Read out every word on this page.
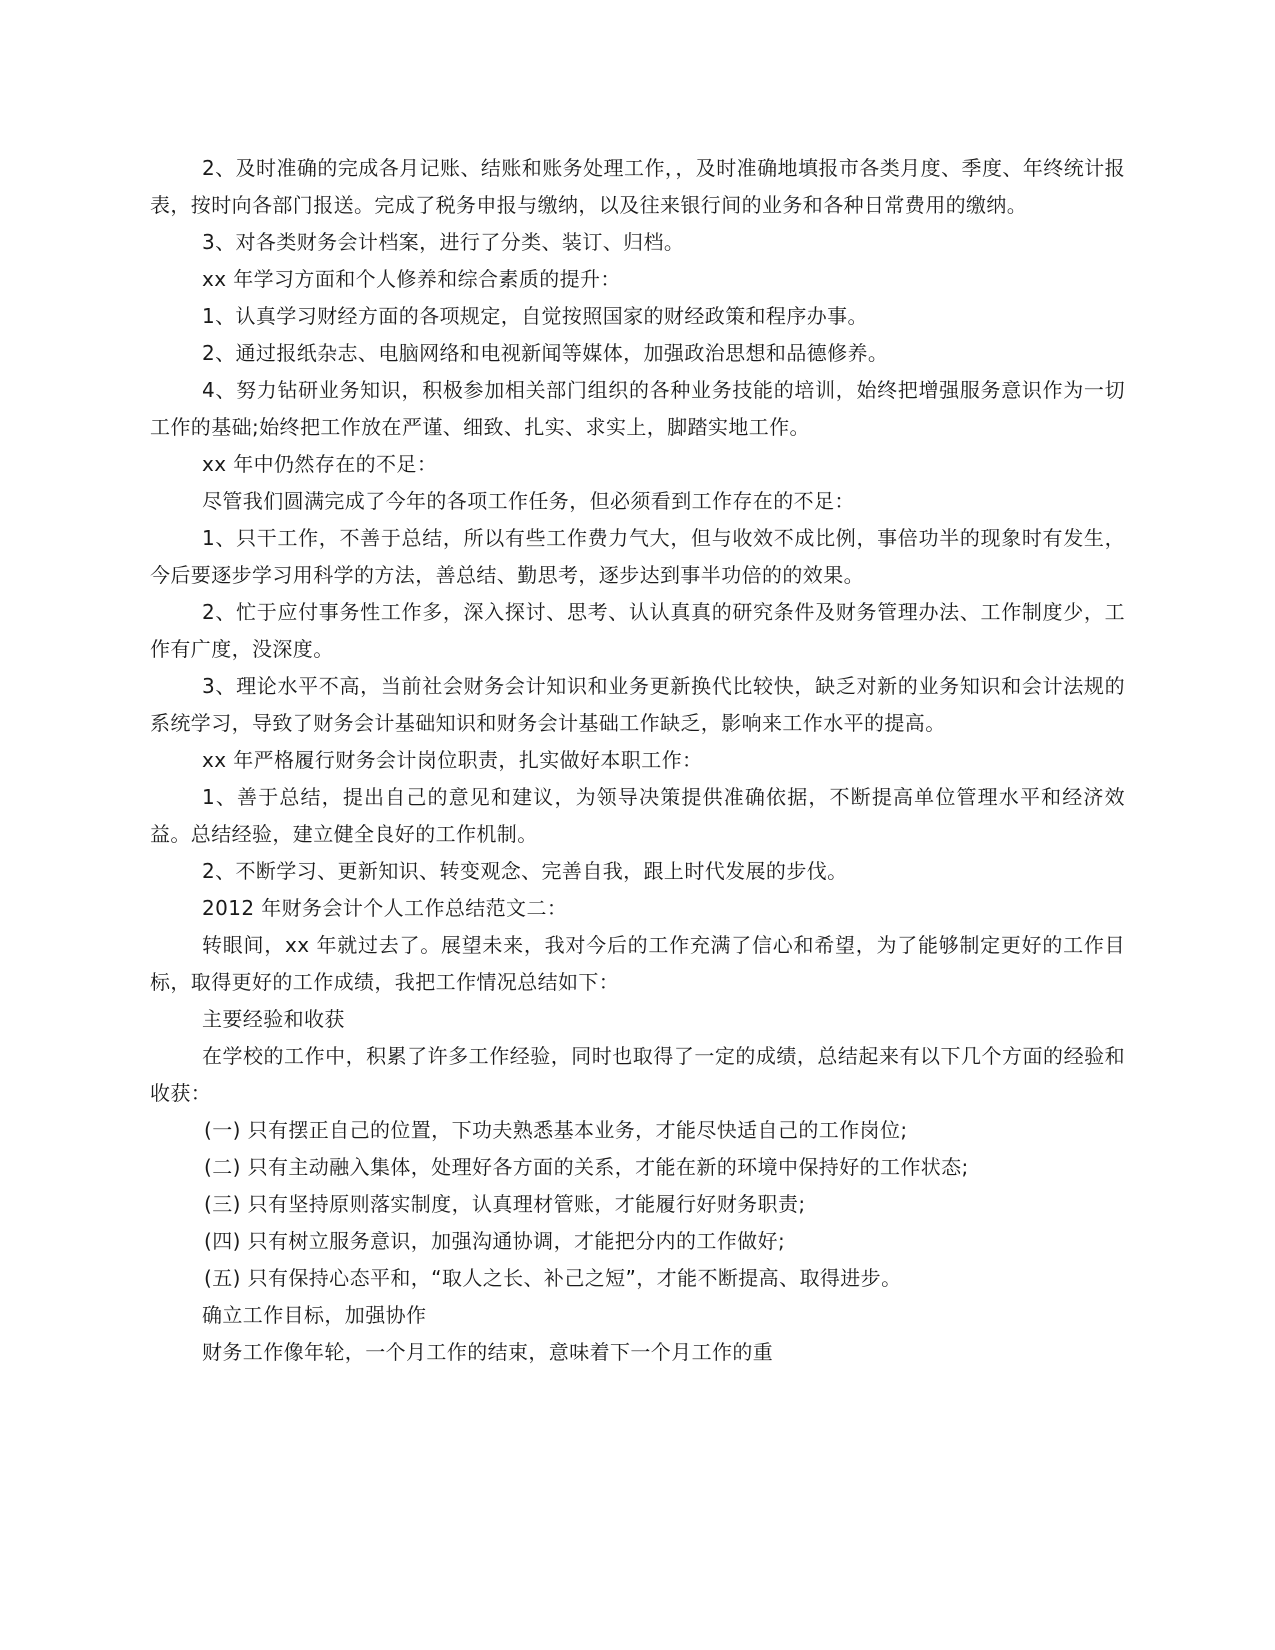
2、及时准确的完成各月记账、结账和账务处理工作，，及时准确地填报市各类月度、季度、年终统计报表，按时向各部门报送。完成了税务申报与缴纳，以及往来银行间的业务和各种日常费用的缴纳。

3、对各类财务会计档案，进行了分类、装订、归档。

xx 年学习方面和个人修养和综合素质的提升：

1、认真学习财经方面的各项规定，自觉按照国家的财经政策和程序办事。

2、通过报纸杂志、电脑网络和电视新闻等媒体，加强政治思想和品德修养。

4、努力钻研业务知识，积极参加相关部门组织的各种业务技能的培训，始终把增强服务意识作为一切工作的基础;始终把工作放在严谨、细致、扎实、求实上，脚踏实地工作。

xx 年中仍然存在的不足：

尽管我们圆满完成了今年的各项工作任务，但必须看到工作存在的不足：

1、只干工作，不善于总结，所以有些工作费力气大，但与收效不成比例，事倍功半的现象时有发生，今后要逐步学习用科学的方法，善总结、勤思考，逐步达到事半功倍的的效果。

2、忙于应付事务性工作多，深入探讨、思考、认认真真的研究条件及财务管理办法、工作制度少，工作有广度，没深度。

3、理论水平不高，当前社会财务会计知识和业务更新换代比较快，缺乏对新的业务知识和会计法规的系统学习，导致了财务会计基础知识和财务会计基础工作缺乏，影响来工作水平的提高。

xx 年严格履行财务会计岗位职责，扎实做好本职工作：

1、善于总结，提出自己的意见和建议，为领导决策提供准确依据，不断提高单位管理水平和经济效益。总结经验，建立健全良好的工作机制。

2、不断学习、更新知识、转变观念、完善自我，跟上时代发展的步伐。

2012 年财务会计个人工作总结范文二：

转眼间，xx 年就过去了。展望未来，我对今后的工作充满了信心和希望，为了能够制定更好的工作目标，取得更好的工作成绩，我把工作情况总结如下：

主要经验和收获

在学校的工作中，积累了许多工作经验，同时也取得了一定的成绩，总结起来有以下几个方面的经验和收获：

(一) 只有摆正自己的位置，下功夫熟悉基本业务，才能尽快适自己的工作岗位;

(二) 只有主动融入集体，处理好各方面的关系，才能在新的环境中保持好的工作状态;

(三) 只有坚持原则落实制度，认真理材管账，才能履行好财务职责;

(四) 只有树立服务意识，加强沟通协调，才能把分内的工作做好;

(五) 只有保持心态平和，“取人之长、补己之短”，才能不断提高、取得进步。

确立工作目标，加强协作

财务工作像年轮，一个月工作的结束，意味着下一个月工作的重
